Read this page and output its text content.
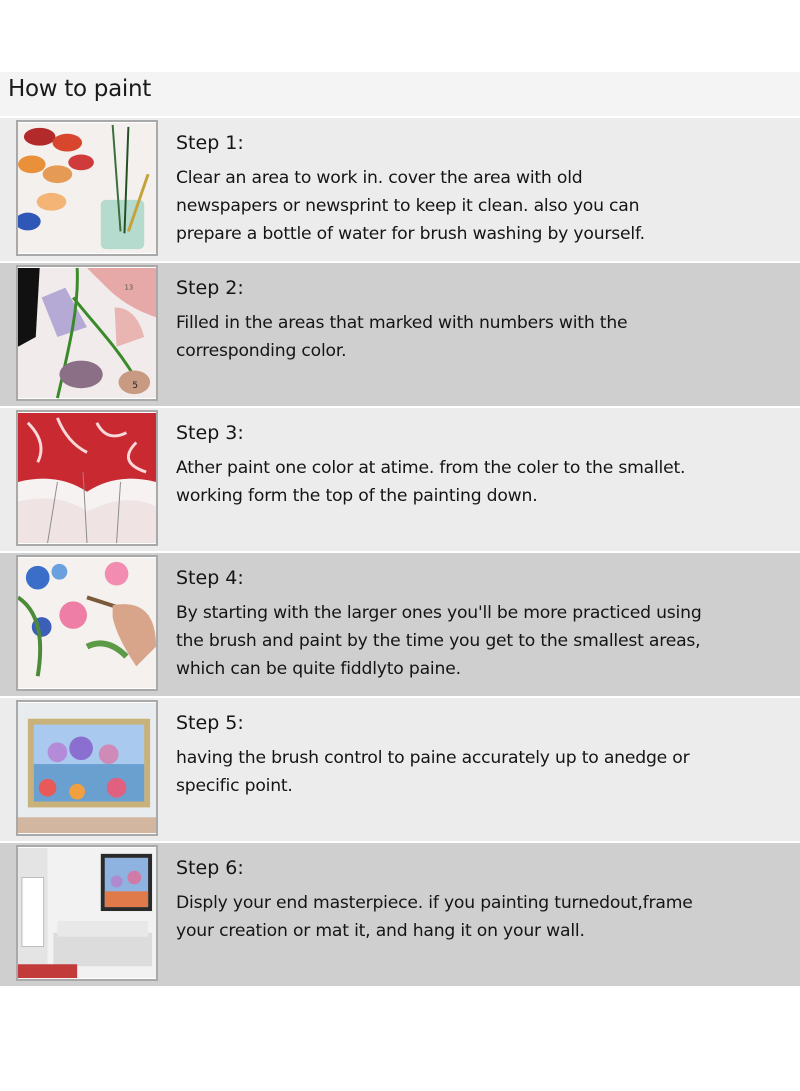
How to paint
Step 1:

Clear an area to work in. cover the area with old
newspapers or newsprint to keep it clean. also you can
prepare a bottle of water for brush washing by yourself.

13
5
Step 2:

Filled in the areas that marked with numbers with the
corresponding color.

Step 3:

Ather paint one color at atime. from the coler to the smallet.
working form the top of the painting down.

Step 4:

By starting with the larger ones you'll be more practiced using
the brush and paint by the time you get to the smallest areas,
which can be quite fiddlyto paine.

Step 5:

having the brush control to paine accurately up to anedge or
specific point.

Step 6:

Disply your end masterpiece. if you painting turnedout,frame
your creation or mat it, and hang it on your wall.
